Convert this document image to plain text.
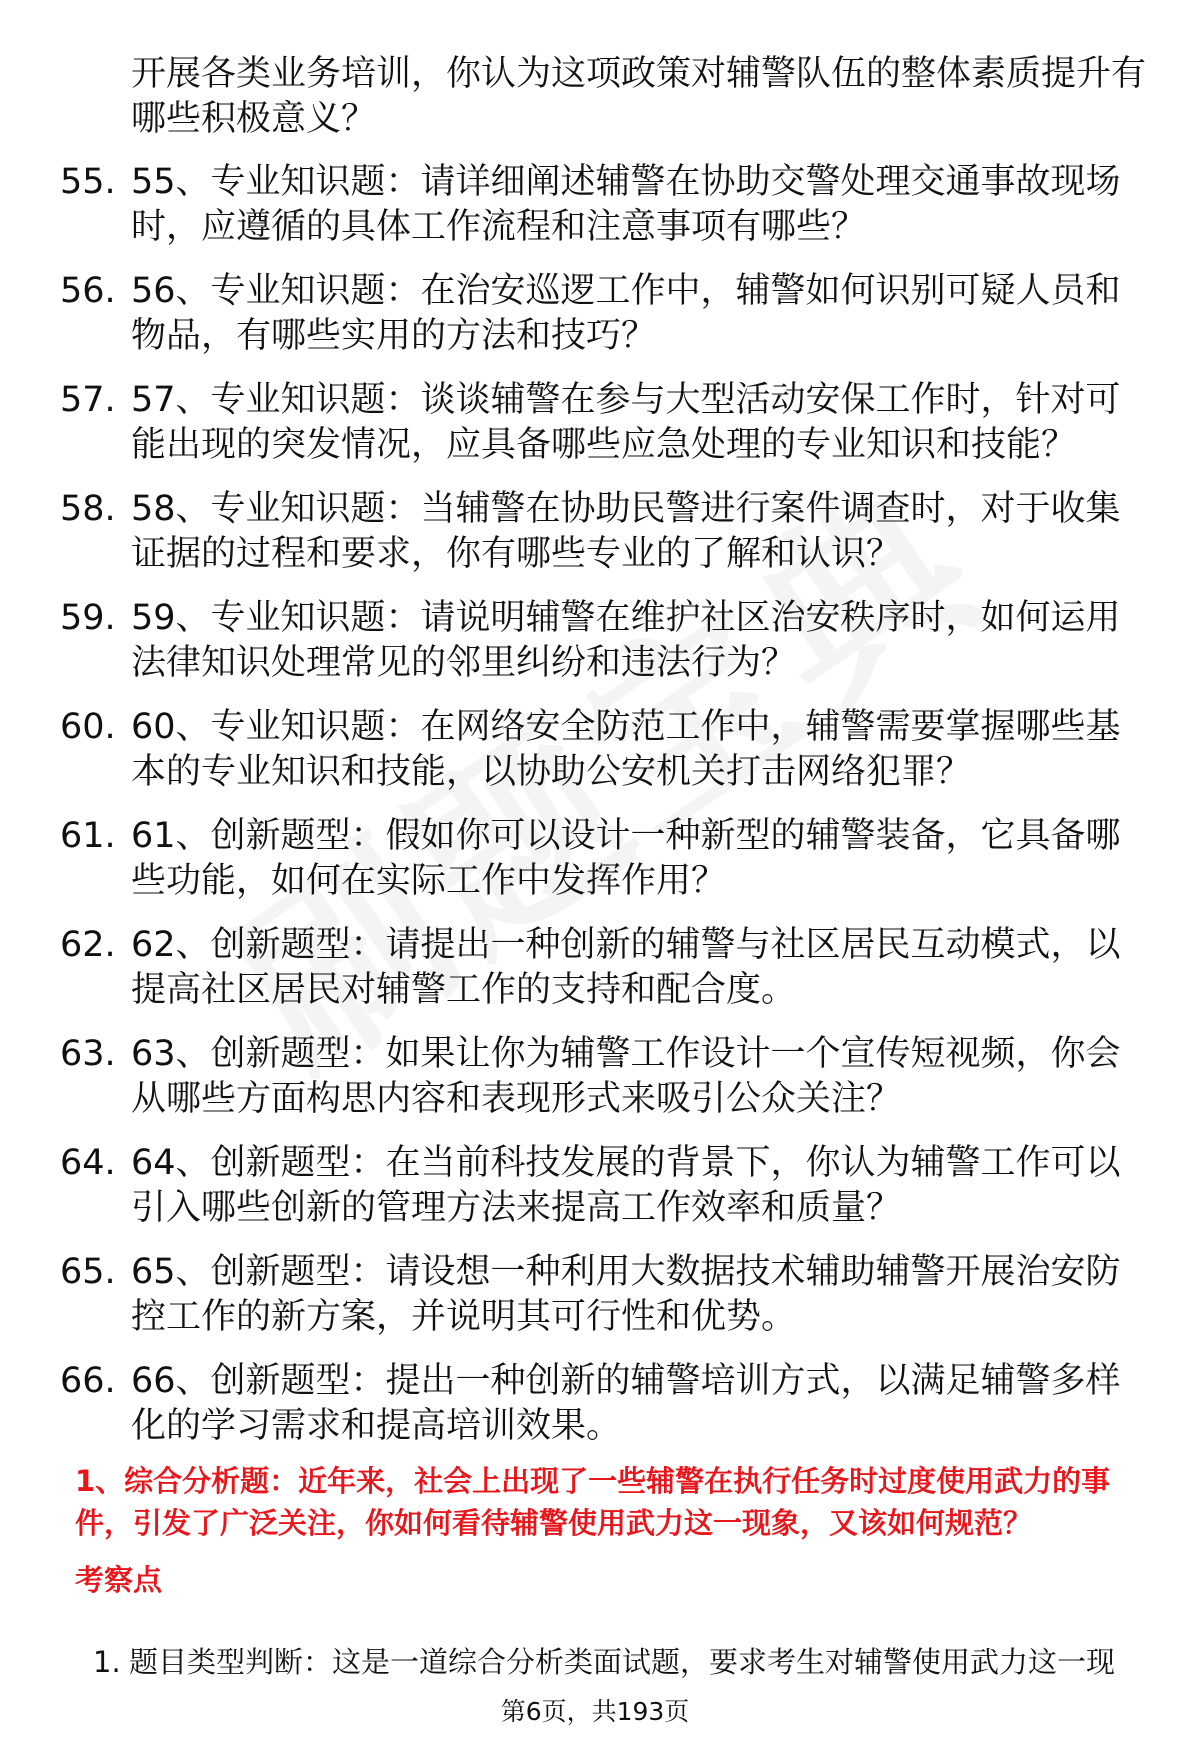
开展各类业务培训，你认为这项政策对辅警队伍的整体素质提升有哪些积极意义？
55. 55、专业知识题：请详细阐述辅警在协助交警处理交通事故现场时，应遵循的具体工作流程和注意事项有哪些？
56. 56、专业知识题：在治安巡逻工作中，辅警如何识别可疑人员和物品，有哪些实用的方法和技巧？
57. 57、专业知识题：谈谈辅警在参与大型活动安保工作时，针对可能出现的突发情况，应具备哪些应急处理的专业知识和技能？
58. 58、专业知识题：当辅警在协助民警进行案件调查时，对于收集证据的过程和要求，你有哪些专业的了解和认识？
59. 59、专业知识题：请说明辅警在维护社区治安秩序时，如何运用法律知识处理常见的邻里纠纷和违法行为？
60. 60、专业知识题：在网络安全防范工作中，辅警需要掌握哪些基本的专业知识和技能，以协助公安机关打击网络犯罪？
61. 61、创新题型：假如你可以设计一种新型的辅警装备，它具备哪些功能，如何在实际工作中发挥作用？
62. 62、创新题型：请提出一种创新的辅警与社区居民互动模式，以提高社区居民对辅警工作的支持和配合度。
63. 63、创新题型：如果让你为辅警工作设计一个宣传短视频，你会从哪些方面构思内容和表现形式来吸引公众关注？
64. 64、创新题型：在当前科技发展的背景下，你认为辅警工作可以引入哪些创新的管理方法来提高工作效率和质量？
65. 65、创新题型：请设想一种利用大数据技术辅助辅警开展治安防控工作的新方案，并说明其可行性和优势。
66. 66、创新题型：提出一种创新的辅警培训方式，以满足辅警多样化的学习需求和提高培训效果。
1、综合分析题：近年来，社会上出现了一些辅警在执行任务时过度使用武力的事件，引发了广泛关注，你如何看待辅警使用武力这一现象，又该如何规范？
考察点
1. 题目类型判断：这是一道综合分析类面试题，要求考生对辅警使用武力这一现
第6页，共193页
